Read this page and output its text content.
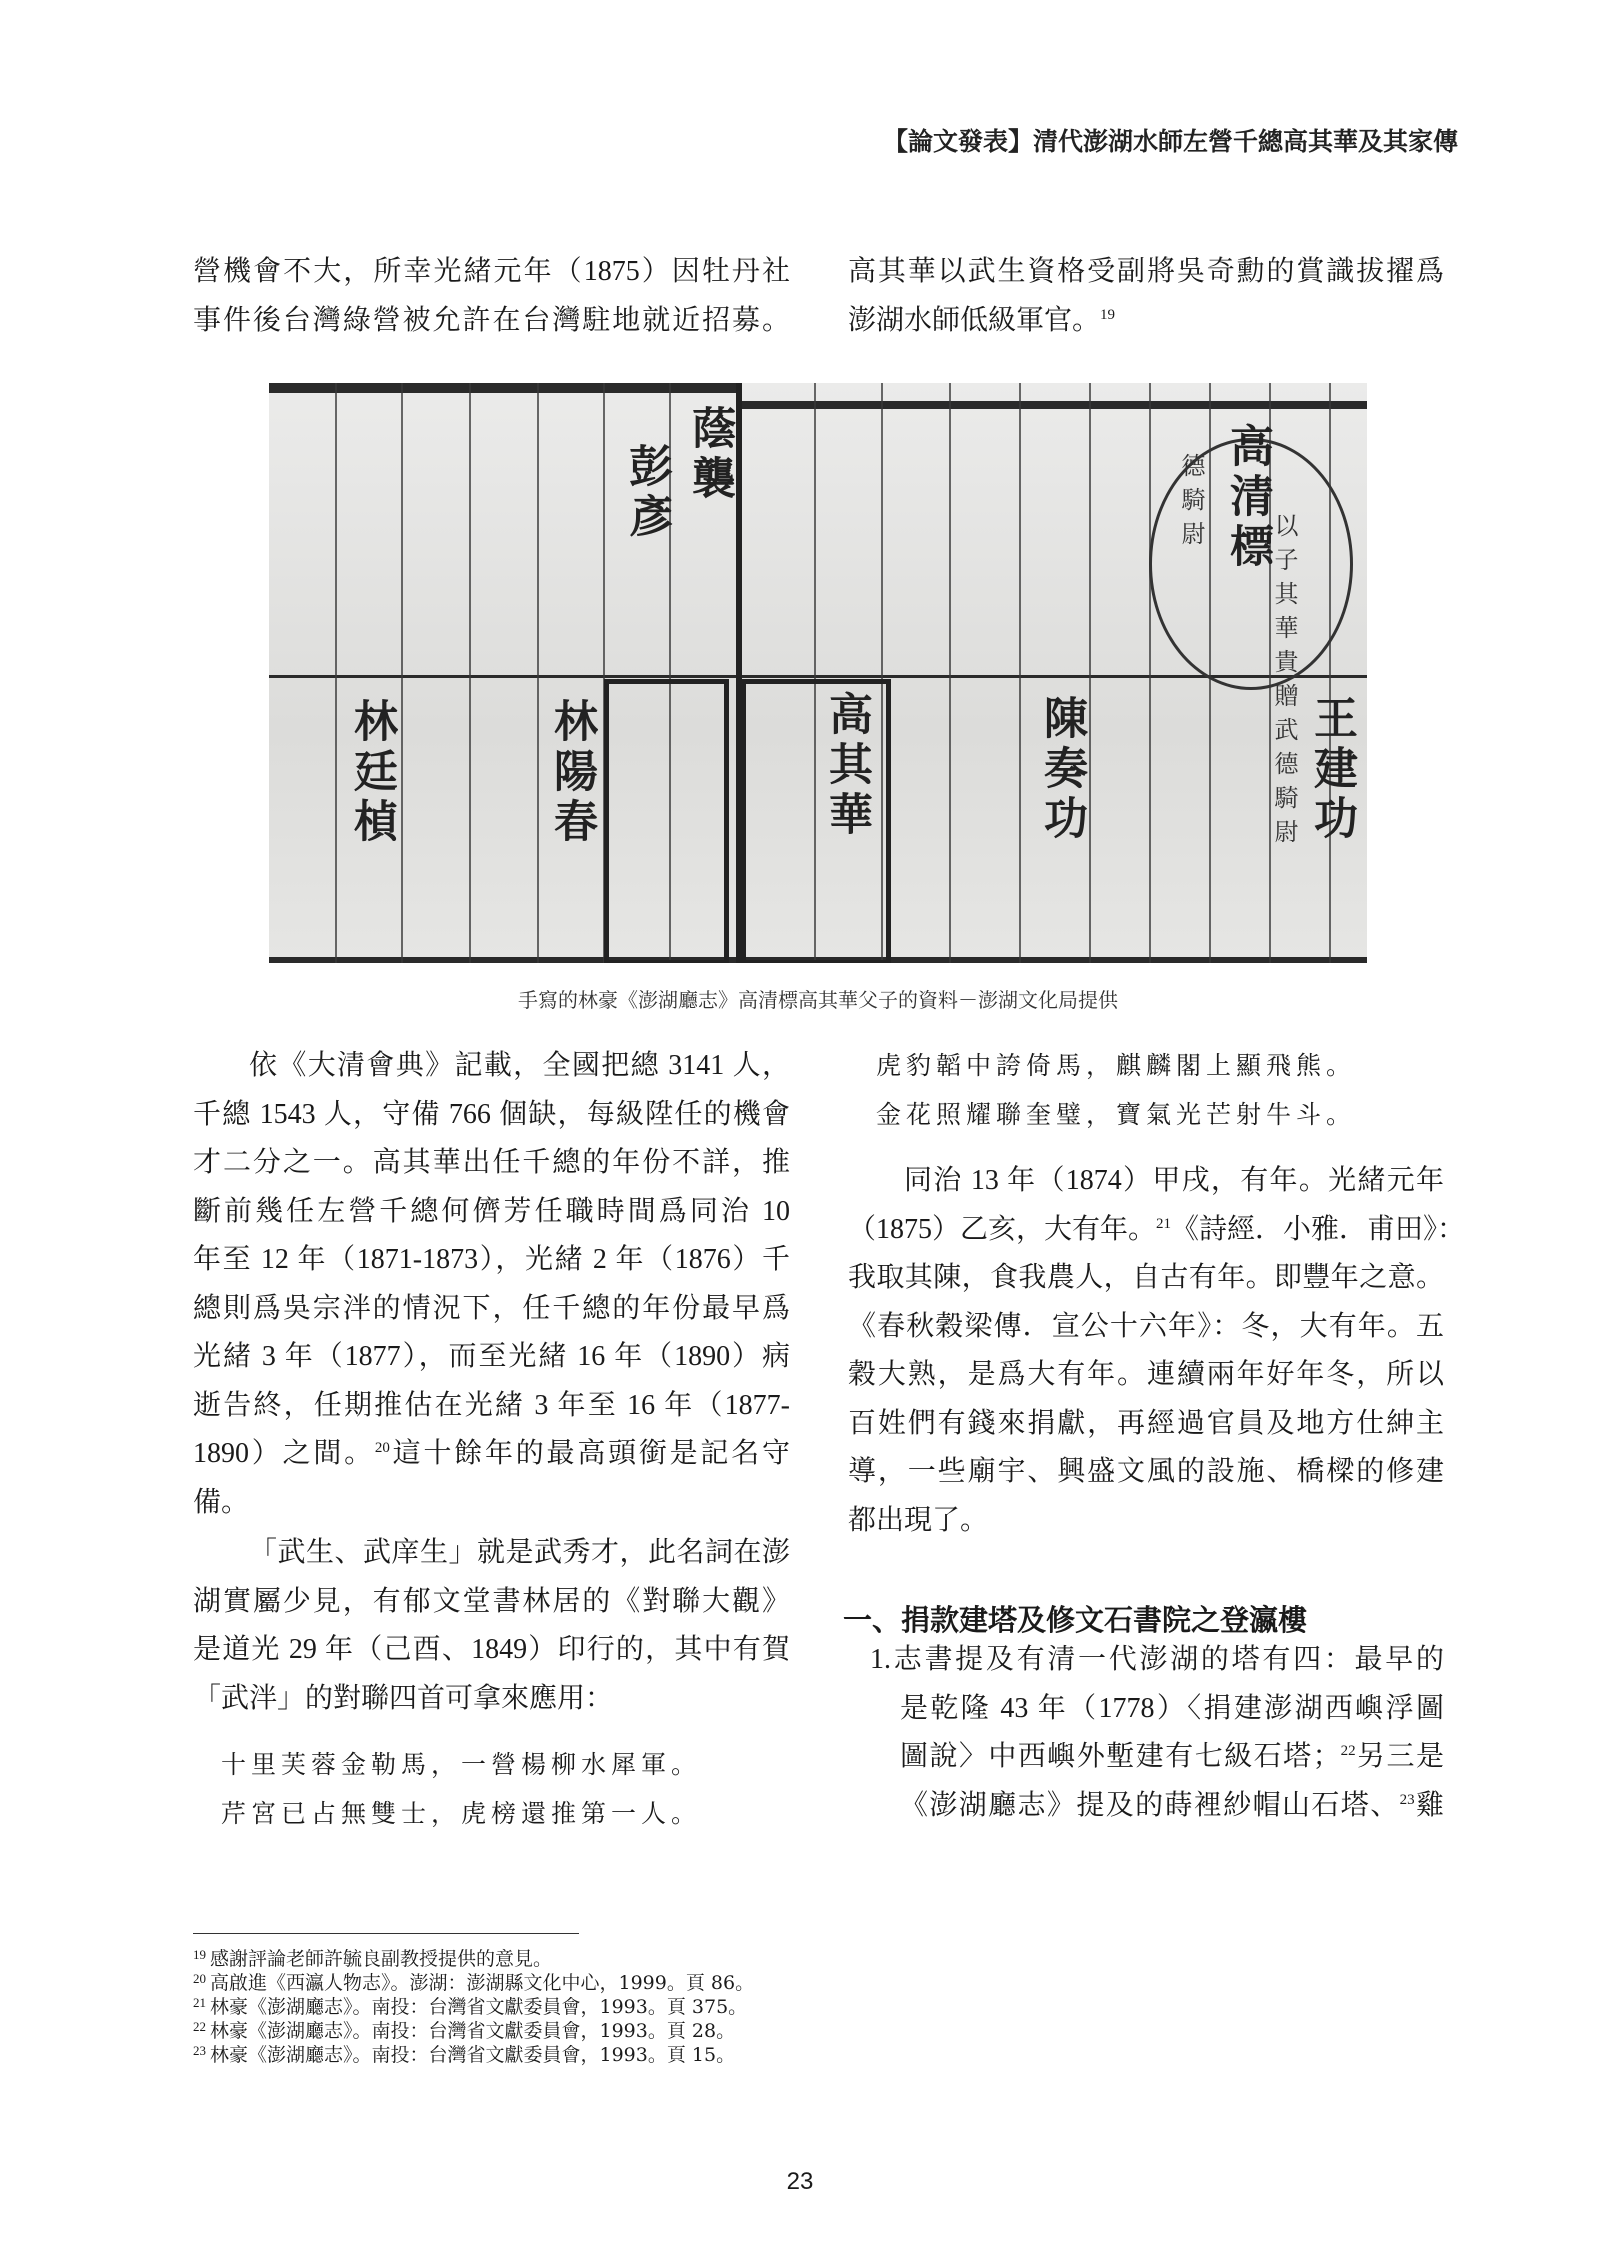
【論文發表】清代澎湖水師左營千總高其華及其家傳
營機會不大，所幸光緒元年（1875）因牡丹社
事件後台灣綠營被允許在台灣駐地就近招募。
高其華以武生資格受副將吳奇勳的賞識拔擢爲
澎湖水師低級軍官。$^{19}$
蔭襲
彭彥	高清標
以子其華貴贈武德騎尉
德騎尉
林廷楨	林陽春	高其華	陳奏功	王建功
手寫的林豪《澎湖廳志》高清標高其華父子的資料－澎湖文化局提供
依《大清會典》記載，全國把總 3141 人，
千總 1543 人，守備 766 個缺，每級陞任的機會
才二分之一。高其華出任千總的年份不詳，推
斷前幾任左營千總何儕芳任職時間爲同治 10
年至 12 年（1871-1873），光緒 2 年（1876）千
總則爲吳宗泮的情況下，任千總的年份最早爲
光緒 3 年（1877），而至光緒 16 年（1890）病
逝告終，任期推估在光緒 3 年至 16 年（1877-
1890）之間。$^{20}$這十餘年的最高頭銜是記名守
備。
「武生、武庠生」就是武秀才，此名詞在澎
湖實屬少見，有郁文堂書林居的《對聯大觀》
是道光 29 年（己酉、1849）印行的，其中有賀
「武泮」的對聯四首可拿來應用：
十里芙蓉金勒馬，一營楊柳水犀軍。
芹宮已占無雙士，虎榜還推第一人。
虎豹韜中誇倚馬，麒麟閣上顯飛熊。
金花照耀聯奎璧，寶氣光芒射牛斗。
同治 13 年（1874）甲戌，有年。光緒元年
（1875）乙亥，大有年。$^{21}$《詩經．小雅．甫田》：
我取其陳，食我農人，自古有年。即豐年之意。
《春秋穀梁傳．宣公十六年》：冬，大有年。五
穀大熟，是爲大有年。連續兩年好年冬，所以
百姓們有錢來捐獻，再經過官員及地方仕紳主
導，一些廟宇、興盛文風的設施、橋樑的修建
都出現了。
一、捐款建塔及修文石書院之登瀛樓
1.志書提及有清一代澎湖的塔有四：最早的
是乾隆 43 年（1778）〈捐建澎湖西嶼浮圖
圖說〉中西嶼外塹建有七級石塔；$^{22}$另三是
《澎湖廳志》提及的蒔裡紗帽山石塔、$^{23}$雞
$^{19}$ 感謝評論老師許毓良副教授提供的意見。
$^{20}$ 高啟進《西瀛人物志》。澎湖：澎湖縣文化中心，1999。頁 86。
$^{21}$ 林豪《澎湖廳志》。南投：台灣省文獻委員會，1993。頁 375。
$^{22}$ 林豪《澎湖廳志》。南投：台灣省文獻委員會，1993。頁 28。
$^{23}$ 林豪《澎湖廳志》。南投：台灣省文獻委員會，1993。頁 15。
23
